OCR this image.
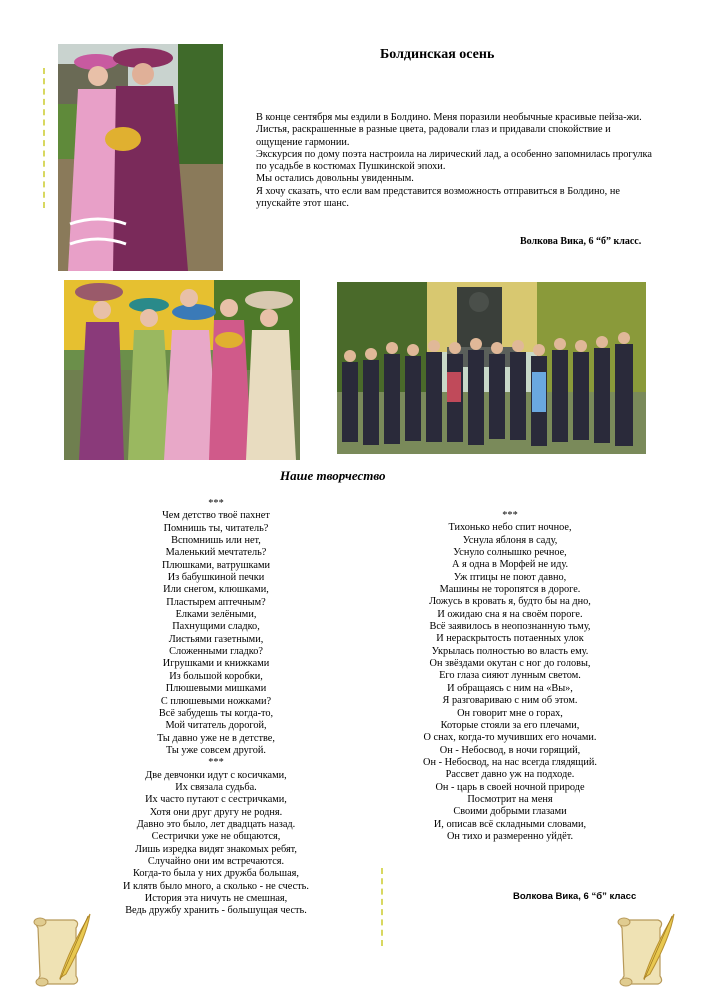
Болдинская осень

В конце сентября мы ездили в Болдино. Меня поразили необычные красивые пейза-жи. Листья, раскрашенные в разные цвета, радовали глаз и придавали спокойствие и ощущение гармонии.

Экскурсия по дому поэта настроила на лирический лад, а особенно запомнилась прогулка по усадьбе в костюмах Пушкинской эпохи.

Мы остались довольны увиденным.

Я хочу сказать, что если вам представится возможность отправиться в Болдино, не упускайте этот шанс.

Волкова Вика, 6 “б” класс.
Наше творчество
***
Чем детство твоё пахнет
Помнишь ты, читатель?
Вспомнишь или нет,
Маленький мечтатель?
Плюшками, ватрушками
Из бабушкиной печки
Или снегом, клюшками,
Пластырем аптечным?
Елками зелёными,
Пахнущими сладко,
Листьями газетными,
Сложенными гладко?
Игрушками и книжками
Из большой коробки,
Плюшевыми мишками
С плюшевыми ножками?
Всё забудешь ты когда-то,
Мой читатель дорогой,
Ты давно уже не в детстве,
Ты уже совсем другой.
***
Две девчонки идут с косичками,
Их связала судьба.
Их часто путают с сестричками,
Хотя они друг другу не родня.
Давно это было, лет двадцать назад.
Сестрички уже не общаются,
Лишь изредка видят знакомых ребят,
Случайно они им встречаются.
Когда-то была у них дружба большая,
И клятв было много, а сколько - не счесть.
История эта ничуть не смешная,
Ведь дружбу хранить - большущая честь.
***
Тихонько небо спит ночное,
Уснула яблоня в саду,
Уснуло солнышко речное,
А я одна в Морфей не иду.
Уж птицы не поют давно,
Машины не торопятся в дороге.
Ложусь в кровать я, будто бы на дно,
И ожидаю сна я на своём пороге.
Всё заявилось в неопознанную тьму,
И нераскрытость потаенных улок
Укрылась полностью во власть ему.
Он звёздами окутан с ног до головы,
Его глаза сияют лунным светом.
И обращаясь с ним на «Вы»,
Я разговариваю с ним об этом.
Он говорит мне о горах,
Которые стояли за его плечами,
О снах, когда-то мучивших его ночами.
Он - Небосвод, в ночи горящий,
Он - Небосвод, на нас всегда глядящий.
Рассвет давно уж на подходе.
Он - царь в своей ночной природе
Посмотрит на меня
Своими добрыми глазами
И, описав всё складными словами,
Он тихо и размеренно уйдёт.
Волкова Вика, 6 “б” класс
